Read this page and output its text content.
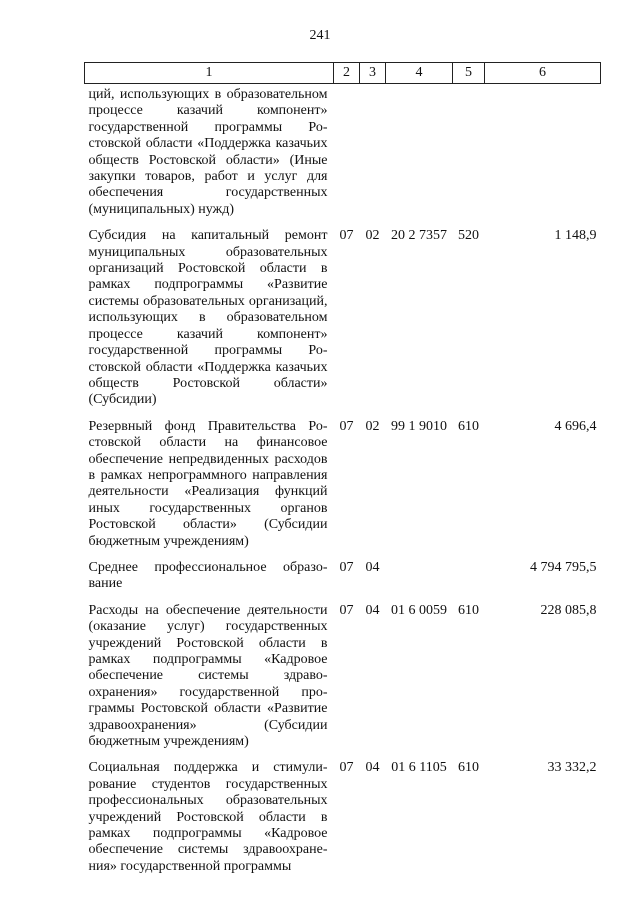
241
1	2	3	4	5	6
ций, использующих в образовательном процессе казачий компонент» государственной программы Ростовской области «Поддержка казачьих обществ Ростовской области» (Иные закупки товаров, работ и услуг для обеспечения государственных (муниципальных) нужд)					
Субсидия на капитальный ремонт муниципальных образовательных организаций Ростовской области в рамках подпрограммы «Развитие системы образовательных организаций, использующих в образовательном процессе казачий компонент» государственной программы Ростовской области «Поддержка казачьих обществ Ростовской области» (Субсидии)	07	02	20 2 7357	520	1 148,9
Резервный фонд Правительства Ростовской области на финансовое обеспечение непредвиденных расходов в рамках непрограммного направления деятельности «Реализация функций иных государственных органов Ростовской области» (Субсидии бюджетным учреждениям)	07	02	99 1 9010	610	4 696,4
Среднее профессиональное образование	07	04			4 794 795,5
Расходы на обеспечение деятельности (оказание услуг) государственных учреждений Ростовской области в рамках подпрограммы «Кадровое обеспечение системы здравоохранения» государственной программы Ростовской области «Развитие здравоохранения» (Субсидии бюджетным учреждениям)	07	04	01 6 0059	610	228 085,8
Социальная поддержка и стимулирование студентов государственных профессиональных образовательных учреждений Ростовской области в рамках подпрограммы «Кадровое обеспечение системы здравоохранения» государственной программы	07	04	01 6 1105	610	33 332,2
